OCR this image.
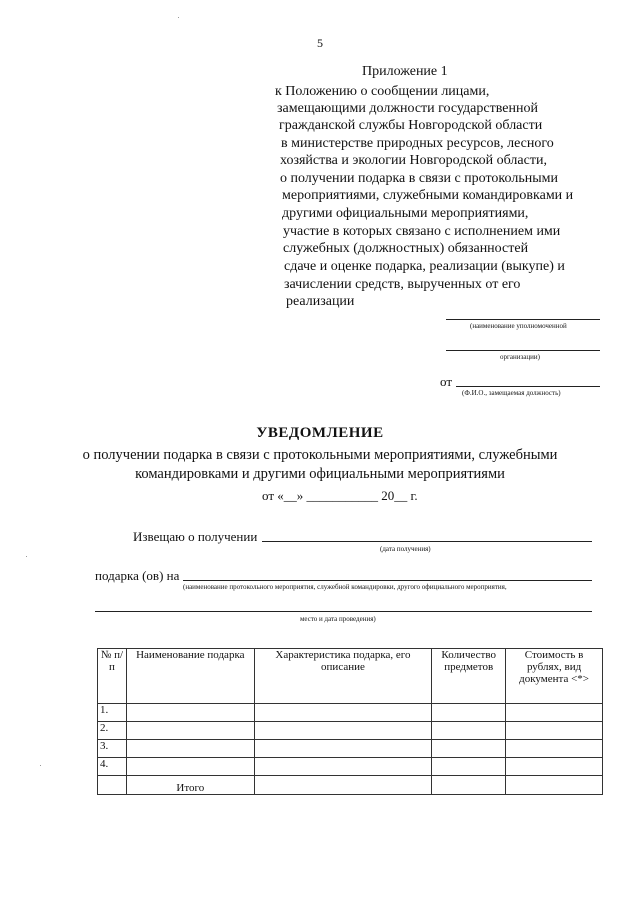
5
Приложение 1
к Положению о сообщении лицами,
замещающими должности государственной
гражданской службы Новгородской области
в министерстве природных ресурсов, лесного
хозяйства и экологии Новгородской области,
о получении подарка в связи с протокольными
мероприятиями, служебными командировками и
другими официальными мероприятиями,
участие в которых связано с исполнением ими
служебных (должностных) обязанностей
сдаче и оценке подарка, реализации (выкупе) и
зачислении средств, вырученных от его
реализации
(наименование уполномоченной
организации)
от
(Ф.И.О., замещаемая должность)
УВЕДОМЛЕНИЕ
о получении подарка в связи с протокольными мероприятиями, служебными
командировками и другими официальными мероприятиями
от «__» ___________ 20__ г.
Извещаю о получении
(дата получения)
подарка (ов) на
(наименование протокольного мероприятия, служебной командировки, другого официального мероприятия,
место и дата проведения)
№ п/п	Наименование подарка	Характеристика подарка, его описание	Количество предметов	Стоимость в рублях, вид документа <*>
1.				
2.				
3.				
4.				
	Итого			
